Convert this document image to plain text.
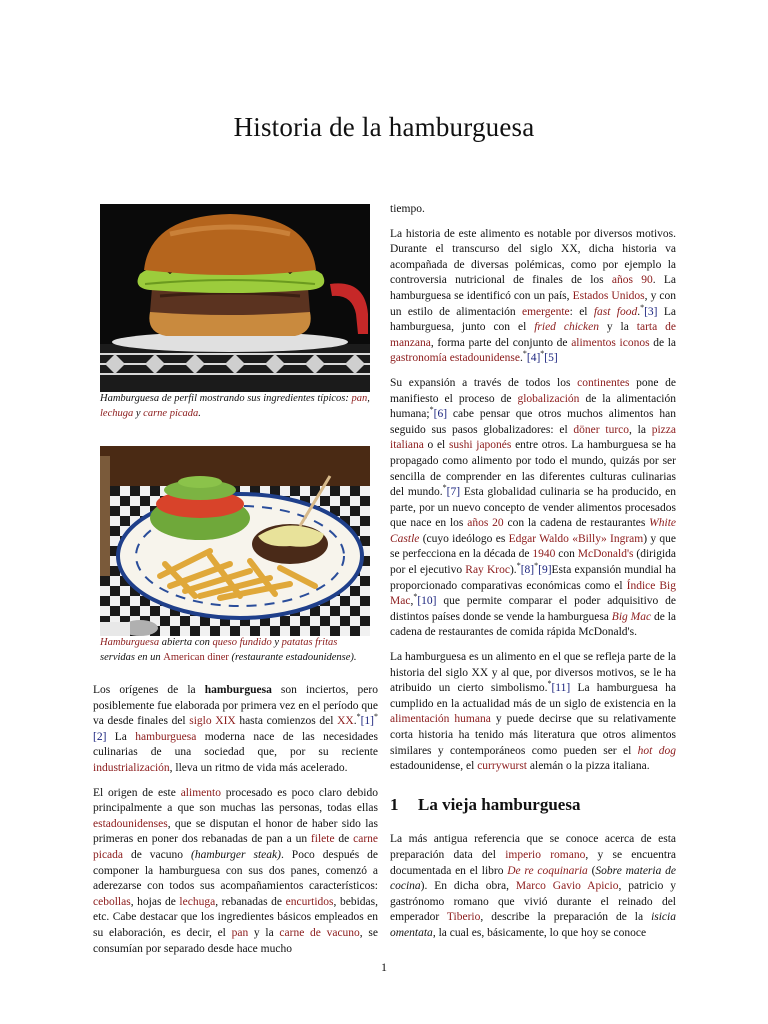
Historia de la hamburguesa

Hamburguesa de perfil mostrando sus ingredientes típicos: pan, lechuga y carne picada.

Hamburguesa abierta con queso fundido y patatas fritas servidas en un American diner (restaurante estadounidense).

Los orígenes de la hamburguesa son inciertos, pero posiblemente fue elaborada por primera vez en el período que va desde finales del siglo XIX hasta comienzos del XX.*[1]*[2] La hamburguesa moderna nace de las necesidades culinarias de una sociedad que, por su reciente industrialización, lleva un ritmo de vida más acelerado.

El origen de este alimento procesado es poco claro debido principalmente a que son muchas las personas, todas ellas estadounidenses, que se disputan el honor de haber sido las primeras en poner dos rebanadas de pan a un filete de carne picada de vacuno (hamburger steak). Poco después de componer la hamburguesa con sus dos panes, comenzó a aderezarse con todos sus acompañamientos característicos: cebollas, hojas de lechuga, rebanadas de encurtidos, bebidas, etc. Cabe destacar que los ingredientes básicos empleados en su elaboración, es decir, el pan y la carne de vacuno, se consumían por separado desde hace mucho

tiempo.

La historia de este alimento es notable por diversos motivos. Durante el transcurso del siglo XX, dicha historia va acompañada de diversas polémicas, como por ejemplo la controversia nutricional de finales de los años 90. La hamburguesa se identificó con un país, Estados Unidos, y con un estilo de alimentación emergente: el fast food.*[3] La hamburguesa, junto con el fried chicken y la tarta de manzana, forma parte del conjunto de alimentos iconos de la gastronomía estadounidense.*[4]*[5]

Su expansión a través de todos los continentes pone de manifiesto el proceso de globalización de la alimentación humana;*[6] cabe pensar que otros muchos alimentos han seguido sus pasos globalizadores: el döner turco, la pizza italiana o el sushi japonés entre otros. La hamburguesa se ha propagado como alimento por todo el mundo, quizás por ser sencilla de comprender en las diferentes culturas culinarias del mundo.*[7] Esta globalidad culinaria se ha producido, en parte, por un nuevo concepto de vender alimentos procesados que nace en los años 20 con la cadena de restaurantes White Castle (cuyo ideólogo es Edgar Waldo «Billy» Ingram) y que se perfecciona en la década de 1940 con McDonald's (dirigida por el ejecutivo Ray Kroc).*[8]*[9]Esta expansión mundial ha proporcionado comparativas económicas como el Índice Big Mac,*[10] que permite comparar el poder adquisitivo de distintos países donde se vende la hamburguesa Big Mac de la cadena de restaurantes de comida rápida McDonald's.

La hamburguesa es un alimento en el que se refleja parte de la historia del siglo XX y al que, por diversos motivos, se le ha atribuido un cierto simbolismo.*[11] La hamburguesa ha cumplido en la actualidad más de un siglo de existencia en la alimentación humana y puede decirse que su relativamente corta historia ha tenido más literatura que otros alimentos similares y contemporáneos como pueden ser el hot dog estadounidense, el currywurst alemán o la pizza italiana.

1 La vieja hamburguesa

La más antigua referencia que se conoce acerca de esta preparación data del imperio romano, y se encuentra documentada en el libro De re coquinaria (Sobre materia de cocina). En dicha obra, Marco Gavio Apicio, patricio y gastrónomo romano que vivió durante el reinado del emperador Tiberio, describe la preparación de la isicia omentata, la cual es, básicamente, lo que hoy se conoce

1
